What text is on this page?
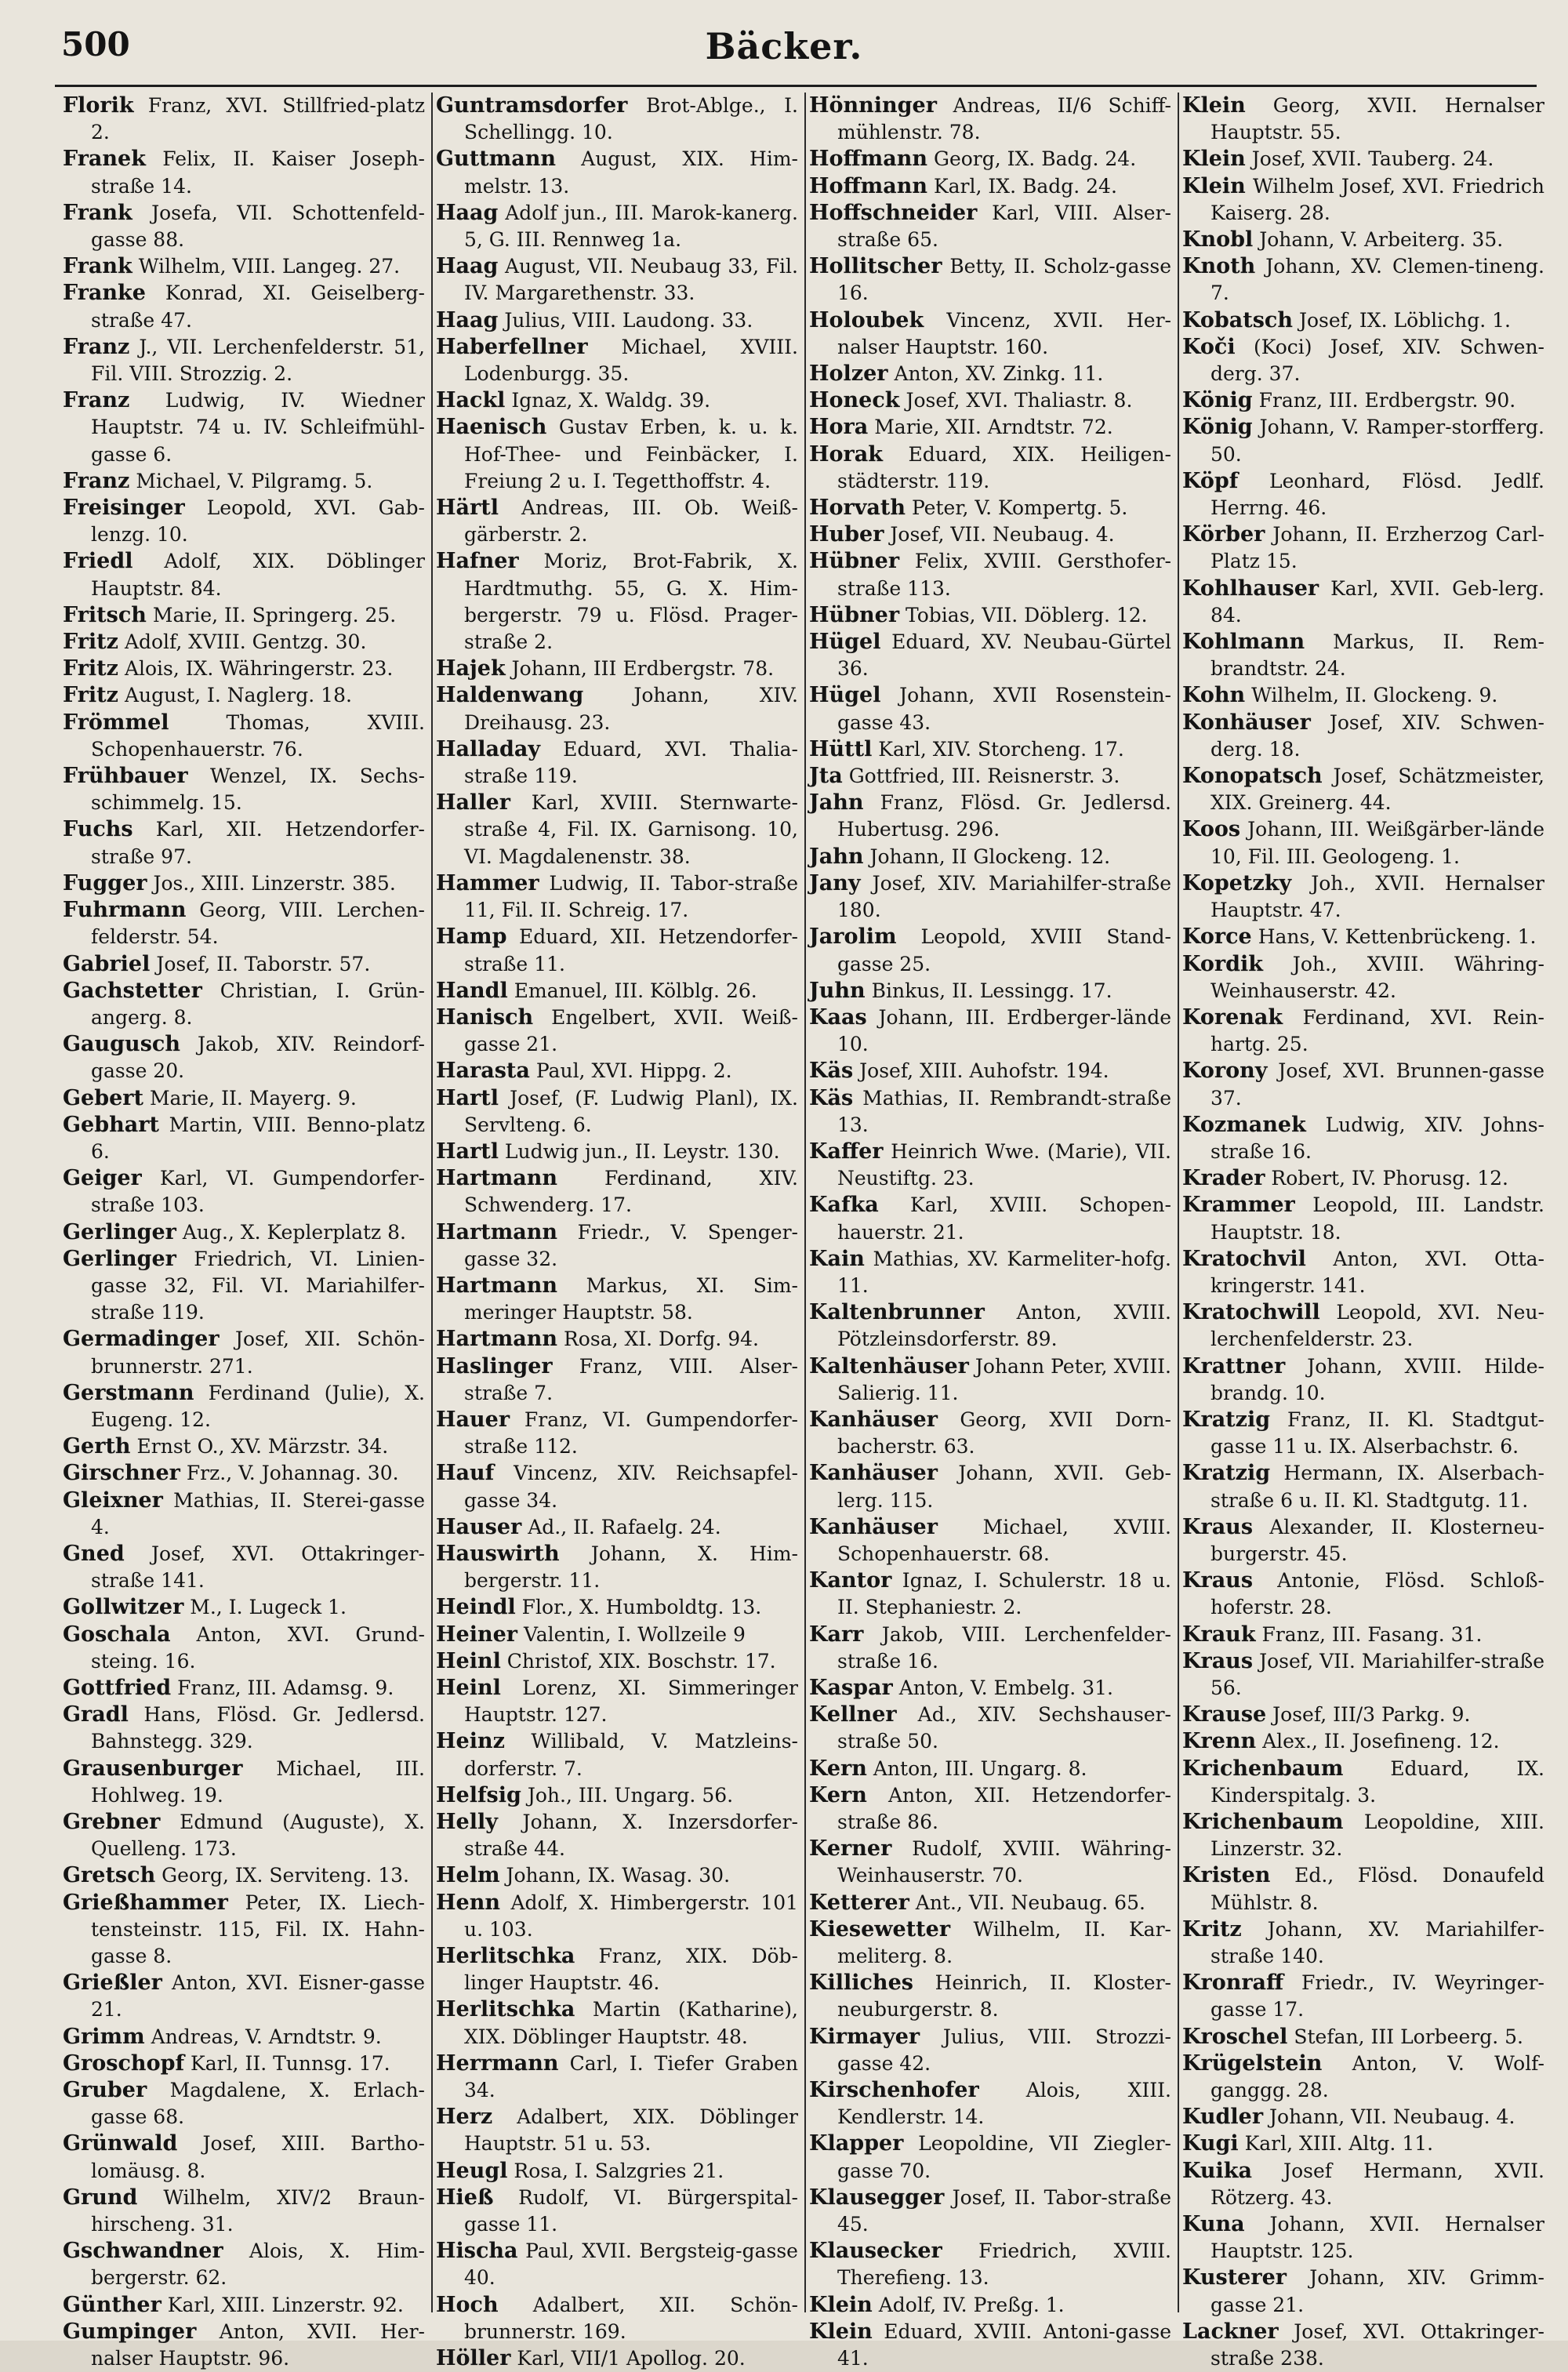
500	Bäcker.

Florik Franz, XVI. Stillfried-platz 2.

Franek Felix, II. Kaiser Joseph-straße 14.

Frank Josefa, VII. Schottenfeld-gasse 88.

Frank Wilhelm, VIII. Langeg. 27.

Franke Konrad, XI. Geiselberg-straße 47.

Franz J., VII. Lerchenfelderstr. 51, Fil. VIII. Strozzig. 2.

Franz Ludwig, IV. Wiedner Hauptstr. 74 u. IV. Schleifmühl-gasse 6.

Franz Michael, V. Pilgramg. 5.

Freisinger Leopold, XVI. Gab-lenzg. 10.

Friedl Adolf, XIX. Döblinger Hauptstr. 84.

Fritsch Marie, II. Springerg. 25.

Fritz Adolf, XVIII. Gentzg. 30.

Fritz Alois, IX. Währingerstr. 23.

Fritz August, I. Naglerg. 18.

Frömmel	Thomas, XVIII. Schopenhauerstr. 76.

Frühbauer Wenzel, IX. Sechs-schimmelg. 15.

Fuchs Karl, XII. Hetzendorfer-straße 97.

Fugger Jos., XIII. Linzerstr. 385.

Fuhrmann Georg, VIII. Lerchen-felderstr. 54.

Gabriel Josef, II. Taborstr. 57.

Gachstetter Christian, I. Grün-angerg. 8.

Gaugusch Jakob, XIV. Reindorf-gasse 20.

Gebert Marie, II. Mayerg. 9.

Gebhart Martin, VIII. Benno-platz 6.

Geiger Karl, VI. Gumpendorfer-straße 103.

Gerlinger Aug., X. Keplerplatz 8.

Gerlinger Friedrich, VI. Linien-gasse 32, Fil. VI. Mariahilfer-straße 119.

Germadinger Josef, XII. Schön-brunnerstr. 271.

Gerstmann Ferdinand (Julie), X. Eugeng. 12.

Gerth Ernst O., XV. Märzstr. 34.

Girschner Frz., V. Johannag. 30.

Gleixner Mathias, II. Sterei-gasse 4.

Gned Josef, XVI. Ottakringer-straße 141.

Gollwitzer M., I. Lugeck 1.

Goschala Anton, XVI. Grund-steing. 16.

Gottfried Franz, III. Adamsg. 9.

Gradl Hans, Flösd. Gr. Jedlersd. Bahnstegg. 329.

Grausenburger Michael, III. Hohlweg. 19.

Grebner Edmund (Auguste), X. Quelleng. 173.

Gretsch Georg, IX. Serviteng. 13.

Grießhammer Peter, IX. Liech-tensteinstr. 115, Fil. IX. Hahn-gasse 8.

Grießler Anton, XVI. Eisner-gasse 21.

Grimm Andreas, V. Arndtstr. 9.

Groschopf Karl, II. Tunnsg. 17.

Gruber Magdalene, X. Erlach-gasse 68.

Grünwald Josef, XIII. Bartho-lomäusg. 8.

Grund Wilhelm, XIV/2 Braun-hirscheng. 31.

Gschwandner Alois, X. Him-bergerstr. 62.

Günther Karl, XIII. Linzerstr. 92.

Gumpinger Anton, XVII. Her-nalser Hauptstr. 96.

Guntramsdorfer Brot-Ablge., I. Schellingg. 10.

Guttmann August, XIX. Him-melstr. 13.

Haag Adolf jun., III. Marok-kanerg. 5, G. III. Rennweg 1a.

Haag August, VII. Neubaug 33, Fil. IV. Margarethenstr. 33.

Haag Julius, VIII. Laudong. 33.

Haberfellner Michael, XVIII. Lodenburgg. 35.

Hackl Ignaz, X. Waldg. 39.

Haenisch Gustav Erben, k. u. k. Hof-Thee- und Feinbäcker, I. Freiung 2 u. I. Tegetthoffstr. 4.

Härtl Andreas, III. Ob. Weiß-gärberstr. 2.

Hafner Moriz, Brot-Fabrik, X. Hardtmuthg. 55, G. X. Him-bergerstr. 79 u. Flösd. Prager-straße 2.

Hajek Johann, III Erdbergstr. 78.

Haldenwang	Johann, XIV. Dreihausg. 23.

Halladay Eduard, XVI. Thalia-straße 119.

Haller Karl, XVIII. Sternwarte-straße 4, Fil. IX. Garnisong. 10, VI. Magdalenenstr. 38.

Hammer Ludwig, II. Tabor-straße 11, Fil. II. Schreig. 17.

Hamp Eduard, XII. Hetzendorfer-straße 11.

Handl Emanuel, III. Kölblg. 26.

Hanisch Engelbert, XVII. Weiß-gasse 21.

Harasta Paul, XVI. Hippg. 2.

Hartl Josef, (F. Ludwig Planl), IX. Servlteng. 6.

Hartl Ludwig jun., II. Leystr. 130.

Hartmann Ferdinand, XIV. Schwenderg. 17.

Hartmann Friedr., V. Spenger-gasse 32.

Hartmann Markus, XI. Sim-meringer Hauptstr. 58.

Hartmann Rosa, XI. Dorfg. 94.

Haslinger Franz, VIII. Alser-straße 7.

Hauer Franz, VI. Gumpendorfer-straße 112.

Hauf Vincenz, XIV. Reichsapfel-gasse 34.

Hauser Ad., II. Rafaelg. 24.

Hauswirth Johann, X. Him-bergerstr. 11.

Heindl Flor., X. Humboldtg. 13.

Heiner Valentin, I. Wollzeile 9

Heinl Christof, XIX. Boschstr. 17.

Heinl Lorenz, XI. Simmeringer Hauptstr. 127.

Heinz Willibald, V. Matzleins-dorferstr. 7.

Helfsig Joh., III. Ungarg. 56.

Helly Johann, X. Inzersdorfer-straße 44.

Helm Johann, IX. Wasag. 30.

Henn Adolf, X. Himbergerstr. 101 u. 103.

Herlitschka Franz, XIX. Döb-linger Hauptstr. 46.

Herlitschka Martin (Katharine), XIX. Döblinger Hauptstr. 48.

Herrmann Carl, I. Tiefer Graben 34.

Herz Adalbert, XIX. Döblinger Hauptstr. 51 u. 53.

Heugl Rosa, I. Salzgries 21.

Hieß Rudolf, VI. Bürgerspital-gasse 11.

Hischa Paul, XVII. Bergsteig-gasse 40.

Hoch Adalbert, XII. Schön-brunnerstr. 169.

Höller Karl, VII/1 Apollog. 20.

Hönninger Andreas, II/6 Schiff-mühlenstr. 78.

Hoffmann Georg, IX. Badg. 24.

Hoffmann Karl, IX. Badg. 24.

Hoffschneider Karl, VIII. Alser-straße 65.

Hollitscher Betty, II. Scholz-gasse 16.

Holoubek Vincenz, XVII. Her-nalser Hauptstr. 160.

Holzer Anton, XV. Zinkg. 11.

Honeck Josef, XVI. Thaliastr. 8.

Hora Marie, XII. Arndtstr. 72.

Horak Eduard, XIX. Heiligen-städterstr. 119.

Horvath Peter, V. Kompertg. 5.

Huber Josef, VII. Neubaug. 4.

Hübner Felix, XVIII. Gersthofer-straße 113.

Hübner Tobias, VII. Döblerg. 12.

Hügel Eduard, XV. Neubau-Gürtel 36.

Hügel Johann, XVII Rosenstein-gasse 43.

Hüttl Karl, XIV. Storcheng. 17.

Jta Gottfried, III. Reisnerstr. 3.

Jahn Franz, Flösd. Gr. Jedlersd. Hubertusg. 296.

Jahn Johann, II Glockeng. 12.

Jany Josef, XIV. Mariahilfer-straße 180.

Jarolim Leopold, XVIII Stand-gasse 25.

Juhn Binkus, II. Lessingg. 17.

Kaas Johann, III. Erdberger-lände 10.

Käs Josef, XIII. Auhofstr. 194.

Käs Mathias, II. Rembrandt-straße 13.

Kaffer Heinrich Wwe. (Marie), VII. Neustiftg. 23.

Kafka Karl, XVIII. Schopen-hauerstr. 21.

Kain Mathias, XV. Karmeliter-hofg. 11.

Kaltenbrunner Anton, XVIII. Pötzleinsdorferstr. 89.

Kaltenhäuser Johann Peter, XVIII. Salierig. 11.

Kanhäuser Georg, XVII Dorn-bacherstr. 63.

Kanhäuser Johann, XVII. Geb-lerg. 115.

Kanhäuser Michael, XVIII. Schopenhauerstr. 68.

Kantor Ignaz, I. Schulerstr. 18 u. II. Stephaniestr. 2.

Karr Jakob, VIII. Lerchenfelder-straße 16.

Kaspar Anton, V. Embelg. 31.

Kellner Ad., XIV. Sechshauser-straße 50.

Kern Anton, III. Ungarg. 8.

Kern Anton, XII. Hetzendorfer-straße 86.

Kerner Rudolf, XVIII. Währing-Weinhauserstr. 70.

Ketterer Ant., VII. Neubaug. 65.

Kiesewetter Wilhelm, II. Kar-meliterg. 8.

Killiches Heinrich, II. Kloster-neuburgerstr. 8.

Kirmayer Julius, VIII. Strozzi-gasse 42.

Kirschenhofer Alois, XIII. Kendlerstr. 14.

Klapper Leopoldine, VII Ziegler-gasse 70.

Klausegger Josef, II. Tabor-straße 45.

Klausecker Friedrich, XVIII. Therefieng. 13.

Klein Adolf, IV. Preßg. 1.

Klein Eduard, XVIII. Antoni-gasse 41.

Klein Georg, XVII. Hernalser Hauptstr. 55.

Klein Josef, XVII. Tauberg. 24.

Klein Wilhelm Josef, XVI. Friedrich Kaiserg. 28.

Knobl Johann, V. Arbeiterg. 35.

Knoth Johann, XV. Clemen-tineng. 7.

Kobatsch Josef, IX. Löblichg. 1.

Koči (Koci) Josef, XIV. Schwen-derg. 37.

König Franz, III. Erdbergstr. 90.

König Johann, V. Ramper-storfferg. 50.

Köpf Leonhard, Flösd. Jedlf. Herrng. 46.

Körber Johann, II. Erzherzog Carl-Platz 15.

Kohlhauser Karl, XVII. Geb-lerg. 84.

Kohlmann Markus, II. Rem-brandtstr. 24.

Kohn Wilhelm, II. Glockeng. 9.

Konhäuser Josef, XIV. Schwen-derg. 18.

Konopatsch Josef, Schätzmeister, XIX. Greinerg. 44.

Koos Johann, III. Weißgärber-lände 10, Fil. III. Geologeng. 1.

Kopetzky Joh., XVII. Hernalser Hauptstr. 47.

Korce Hans, V. Kettenbrückeng. 1.

Kordik Joh., XVIII. Währing-Weinhauserstr. 42.

Korenak Ferdinand, XVI. Rein-hartg. 25.

Korony Josef, XVI. Brunnen-gasse 37.

Kozmanek Ludwig, XIV. Johns-straße 16.

Krader Robert, IV. Phorusg. 12.

Krammer Leopold, III. Landstr. Hauptstr. 18.

Kratochvil Anton, XVI. Otta-kringerstr. 141.

Kratochwill Leopold, XVI. Neu-lerchenfelderstr. 23.

Krattner Johann, XVIII. Hilde-brandg. 10.

Kratzig Franz, II. Kl. Stadtgut-gasse 11 u. IX. Alserbachstr. 6.

Kratzig Hermann, IX. Alserbach-straße 6 u. II. Kl. Stadtgutg. 11.

Kraus Alexander, II. Klosterneu-burgerstr. 45.

Kraus Antonie, Flösd. Schloß-hoferstr. 28.

Krauk Franz, III. Fasang. 31.

Kraus Josef, VII. Mariahilfer-straße 56.

Krause Josef, III/3 Parkg. 9.

Krenn Alex., II. Josefineng. 12.

Krichenbaum Eduard, IX. Kinderspitalg. 3.

Krichenbaum Leopoldine, XIII. Linzerstr. 32.

Kristen Ed., Flösd. Donaufeld Mühlstr. 8.

Kritz Johann, XV. Mariahilfer-straße 140.

Kronraff Friedr., IV. Weyringer-gasse 17.

Kroschel Stefan, III Lorbeerg. 5.

Krügelstein Anton, V. Wolf-ganggg. 28.

Kudler Johann, VII. Neubaug. 4.

Kugi Karl, XIII. Altg. 11.

Kuika Josef Hermann, XVII. Rötzerg. 43.

Kuna Johann, XVII. Hernalser Hauptstr. 125.

Kusterer Johann, XIV. Grimm-gasse 21.

Lackner Josef, XVI. Ottakringer-straße 238.
